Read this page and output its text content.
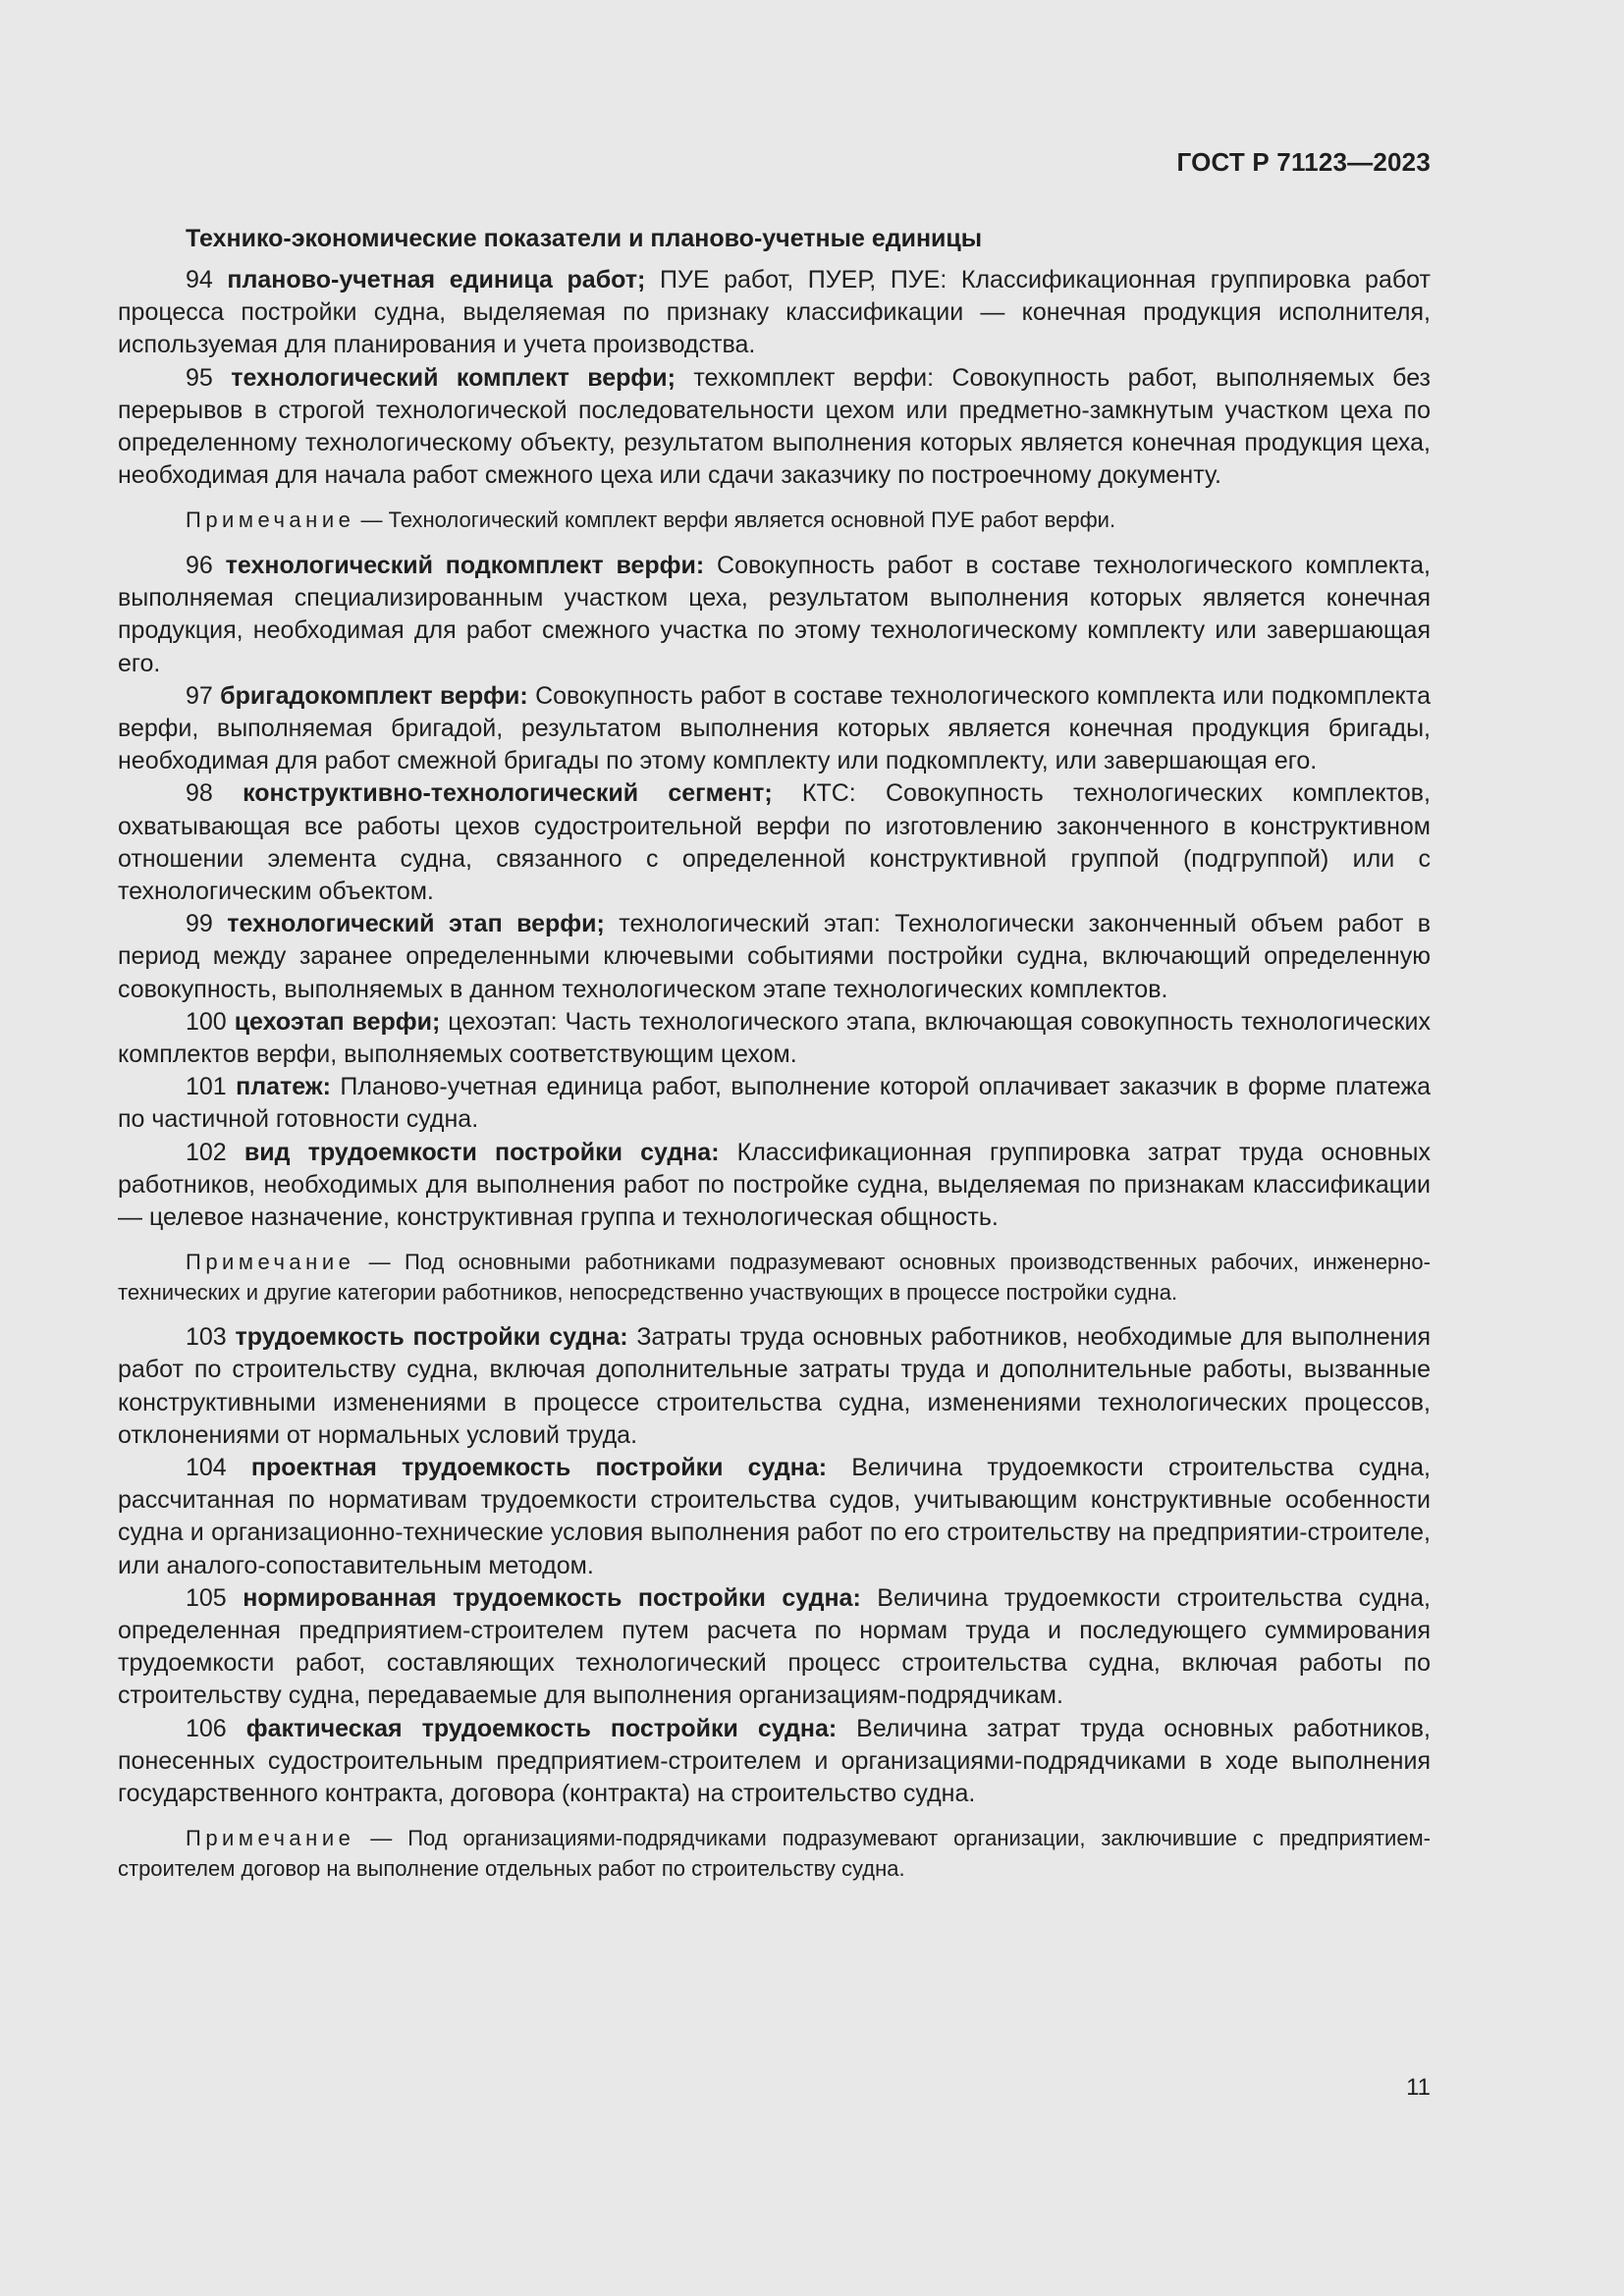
ГОСТ Р 71123—2023

Технико-экономические показатели и планово-учетные единицы

94 планово-учетная единица работ; ПУЕ работ, ПУЕР, ПУЕ: Классификационная группировка работ процесса постройки судна, выделяемая по признаку классификации — конечная продукция исполнителя, используемая для планирования и учета производства.

95 технологический комплект верфи; техкомплект верфи: Совокупность работ, выполняемых без перерывов в строгой технологической последовательности цехом или предметно-замкнутым участком цеха по определенному технологическому объекту, результатом выполнения которых является конечная продукция цеха, необходимая для начала работ смежного цеха или сдачи заказчику по построечному документу.

Примечание — Технологический комплект верфи является основной ПУЕ работ верфи.

96 технологический подкомплект верфи: Совокупность работ в составе технологического комплекта, выполняемая специализированным участком цеха, результатом выполнения которых является конечная продукция, необходимая для работ смежного участка по этому технологическому комплекту или завершающая его.

97 бригадокомплект верфи: Совокупность работ в составе технологического комплекта или подкомплекта верфи, выполняемая бригадой, результатом выполнения которых является конечная продукция бригады, необходимая для работ смежной бригады по этому комплекту или подкомплекту, или завершающая его.

98 конструктивно-технологический сегмент; КТС: Совокупность технологических комплектов, охватывающая все работы цехов судостроительной верфи по изготовлению законченного в конструктивном отношении элемента судна, связанного с определенной конструктивной группой (подгруппой) или с технологическим объектом.

99 технологический этап верфи; технологический этап: Технологически законченный объем работ в период между заранее определенными ключевыми событиями постройки судна, включающий определенную совокупность, выполняемых в данном технологическом этапе технологических комплектов.

100 цехоэтап верфи; цехоэтап: Часть технологического этапа, включающая совокупность технологических комплектов верфи, выполняемых соответствующим цехом.

101 платеж: Планово-учетная единица работ, выполнение которой оплачивает заказчик в форме платежа по частичной готовности судна.

102 вид трудоемкости постройки судна: Классификационная группировка затрат труда основных работников, необходимых для выполнения работ по постройке судна, выделяемая по признакам классификации — целевое назначение, конструктивная группа и технологическая общность.

Примечание — Под основными работниками подразумевают основных производственных рабочих, инженерно-технических и другие категории работников, непосредственно участвующих в процессе постройки судна.

103 трудоемкость постройки судна: Затраты труда основных работников, необходимые для выполнения работ по строительству судна, включая дополнительные затраты труда и дополнительные работы, вызванные конструктивными изменениями в процессе строительства судна, изменениями технологических процессов, отклонениями от нормальных условий труда.

104 проектная трудоемкость постройки судна: Величина трудоемкости строительства судна, рассчитанная по нормативам трудоемкости строительства судов, учитывающим конструктивные особенности судна и организационно-технические условия выполнения работ по его строительству на предприятии-строителе, или аналого-сопоставительным методом.

105 нормированная трудоемкость постройки судна: Величина трудоемкости строительства судна, определенная предприятием-строителем путем расчета по нормам труда и последующего суммирования трудоемкости работ, составляющих технологический процесс строительства судна, включая работы по строительству судна, передаваемые для выполнения организациям-подрядчикам.

106 фактическая трудоемкость постройки судна: Величина затрат труда основных работников, понесенных судостроительным предприятием-строителем и организациями-подрядчиками в ходе выполнения государственного контракта, договора (контракта) на строительство судна.

Примечание — Под организациями-подрядчиками подразумевают организации, заключившие с предприятием-строителем договор на выполнение отдельных работ по строительству судна.

11
